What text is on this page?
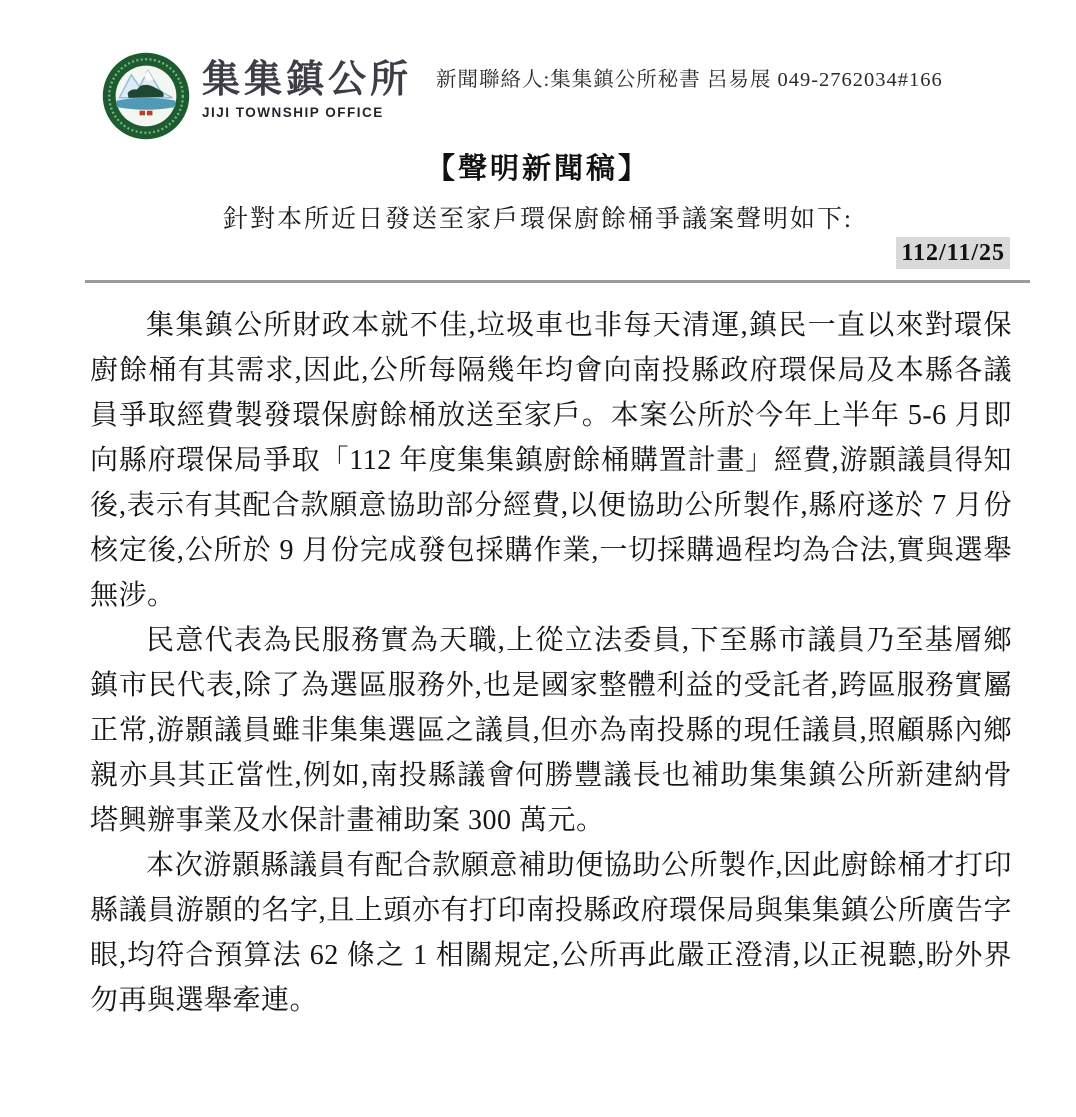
集集鎮公所
JIJI TOWNSHIP OFFICE
新聞聯絡人:集集鎮公所秘書 呂易展 049-2762034#166
【聲明新聞稿】
針對本所近日發送至家戶環保廚餘桶爭議案聲明如下:
112/11/25

集集鎮公所財政本就不佳,垃圾車也非每天清運,鎮民一直以來對環保廚餘桶有其需求,因此,公所每隔幾年均會向南投縣政府環保局及本縣各議員爭取經費製發環保廚餘桶放送至家戶。本案公所於今年上半年 5-6 月即向縣府環保局爭取「112 年度集集鎮廚餘桶購置計畫」經費,游顥議員得知後,表示有其配合款願意協助部分經費,以便協助公所製作,縣府遂於 7 月份核定後,公所於 9 月份完成發包採購作業,一切採購過程均為合法,實與選舉無涉。

民意代表為民服務實為天職,上從立法委員,下至縣市議員乃至基層鄉鎮市民代表,除了為選區服務外,也是國家整體利益的受託者,跨區服務實屬正常,游顥議員雖非集集選區之議員,但亦為南投縣的現任議員,照顧縣內鄉親亦具其正當性,例如,南投縣議會何勝豐議長也補助集集鎮公所新建納骨塔興辦事業及水保計畫補助案 300 萬元。

本次游顥縣議員有配合款願意補助便協助公所製作,因此廚餘桶才打印縣議員游顥的名字,且上頭亦有打印南投縣政府環保局與集集鎮公所廣告字眼,均符合預算法 62 條之 1 相關規定,公所再此嚴正澄清,以正視聽,盼外界勿再與選舉牽連。
